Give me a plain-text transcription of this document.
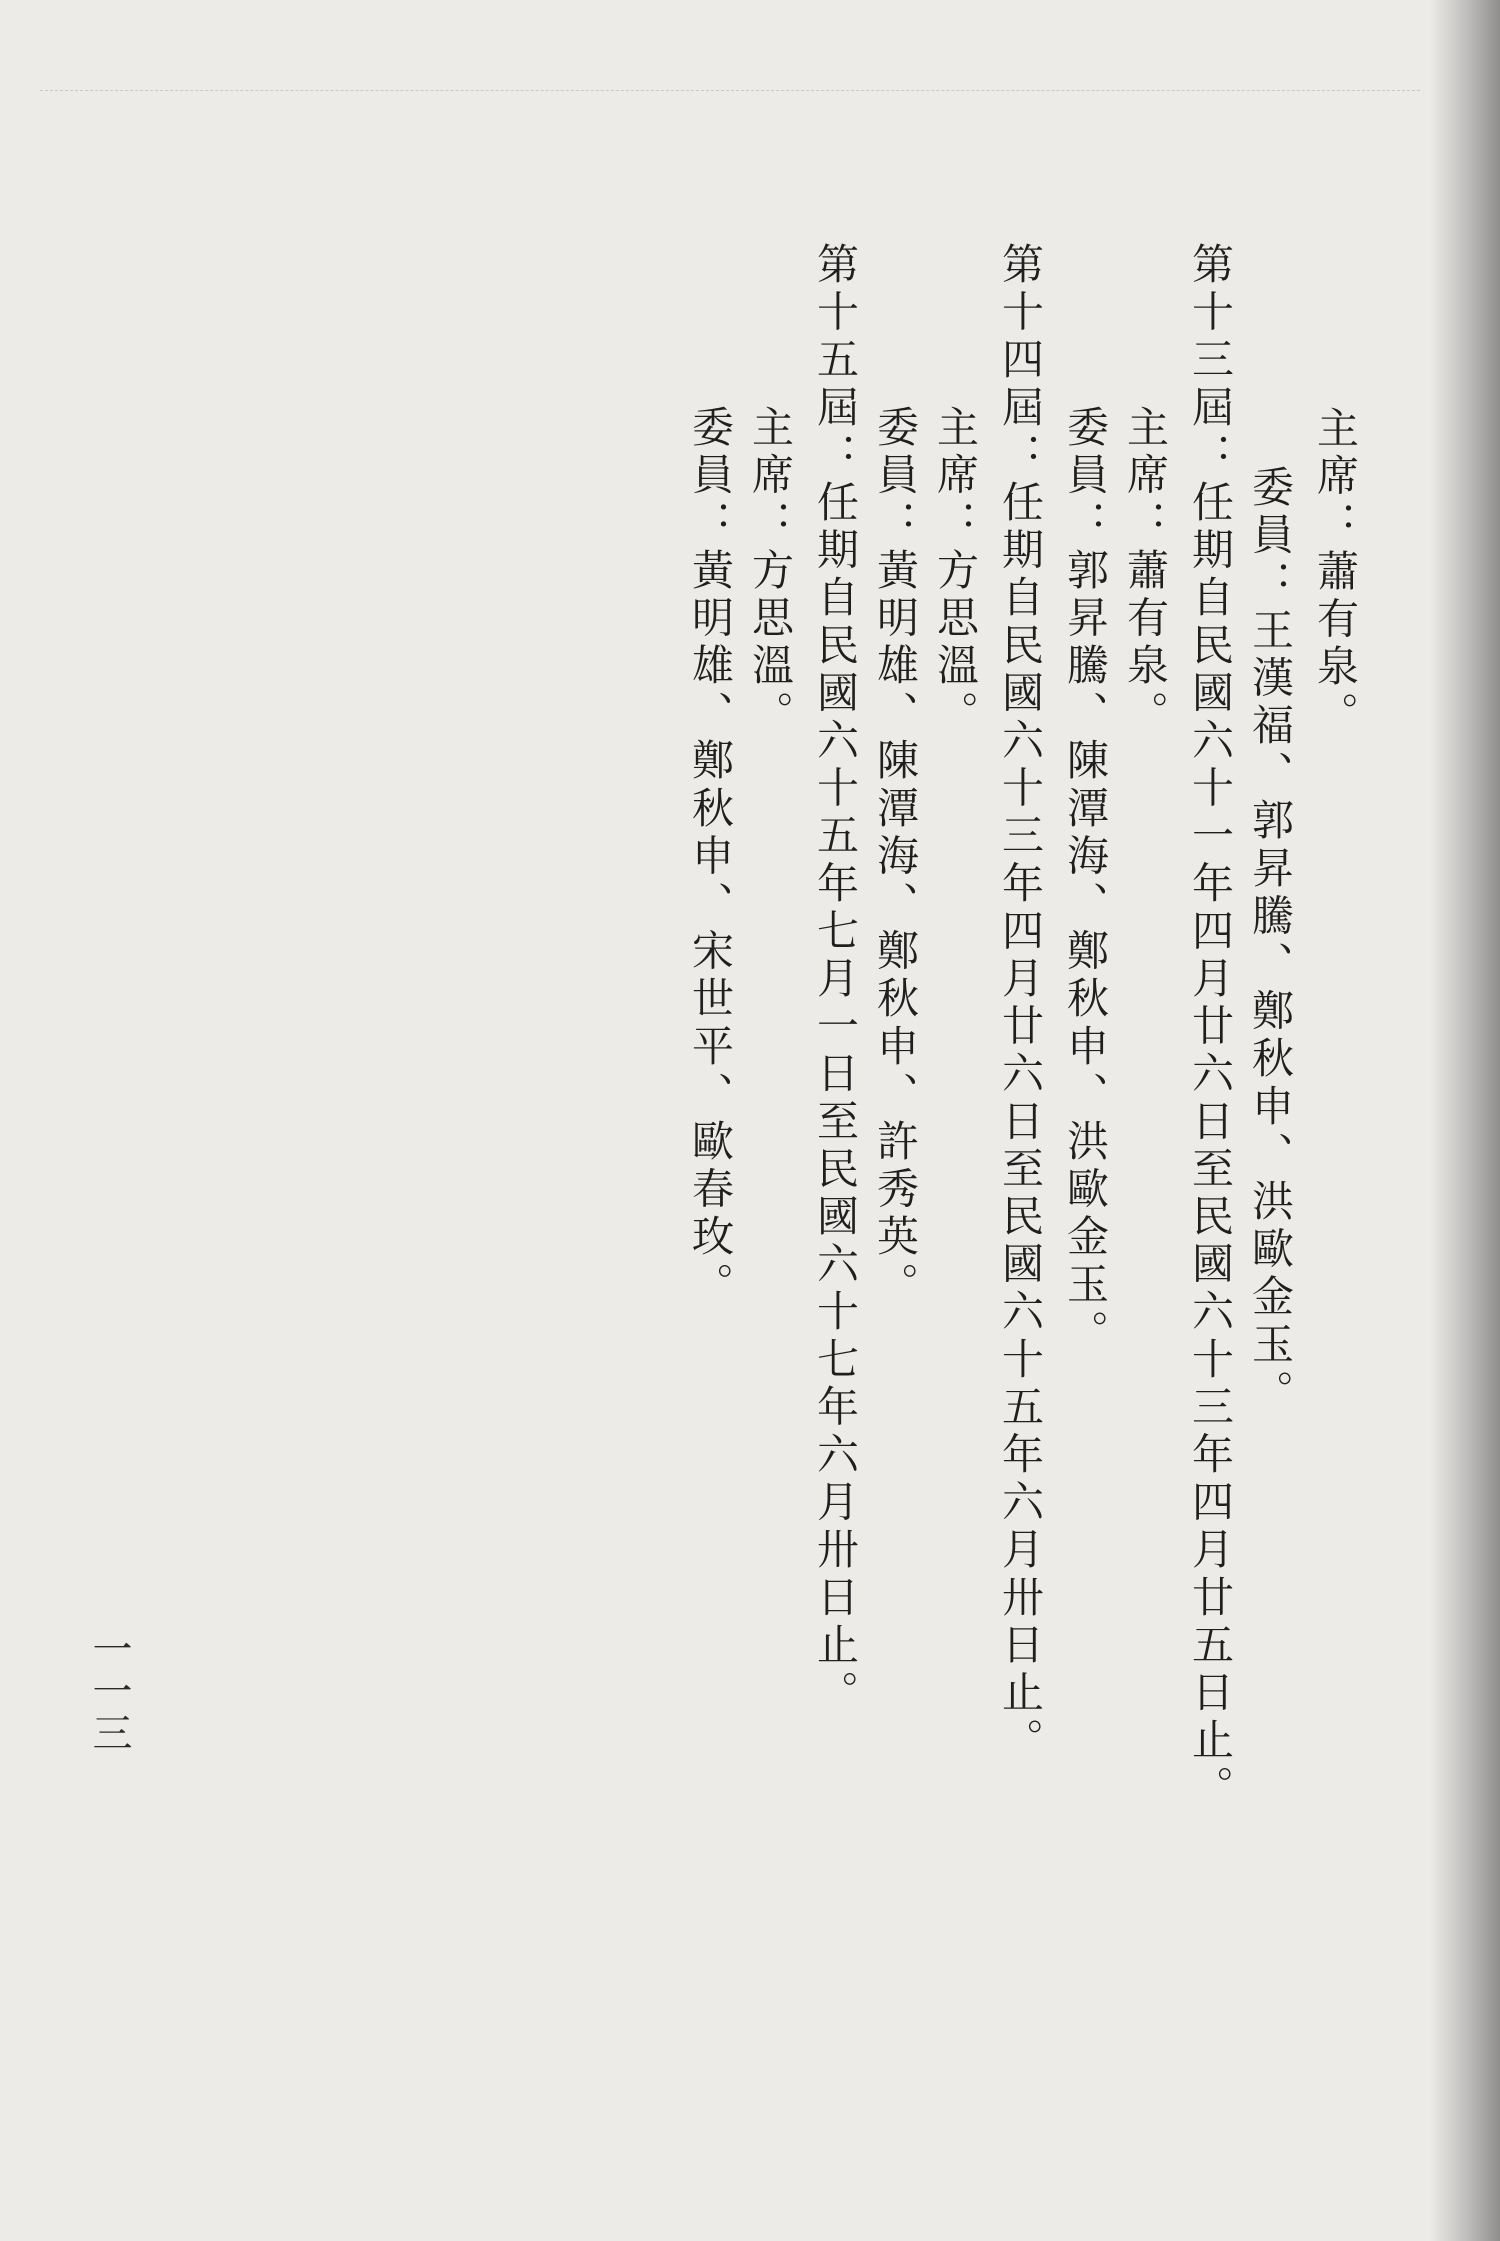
主席：蕭有泉。
委員：王漢福、郭昇騰、鄭秋申、洪歐金玉。
第十三屆：任期自民國六十一年四月廿六日至民國六十三年四月廿五日止。
主席：蕭有泉。
委員：郭昇騰、陳潭海、鄭秋申、洪歐金玉。
第十四屆：任期自民國六十三年四月廿六日至民國六十五年六月卅日止。
主席：方思溫。
委員：黃明雄、陳潭海、鄭秋申、許秀英。
第十五屆：任期自民國六十五年七月一日至民國六十七年六月卅日止。
主席：方思溫。
委員：黃明雄、鄭秋申、宋世平、歐春玫。
一一三
